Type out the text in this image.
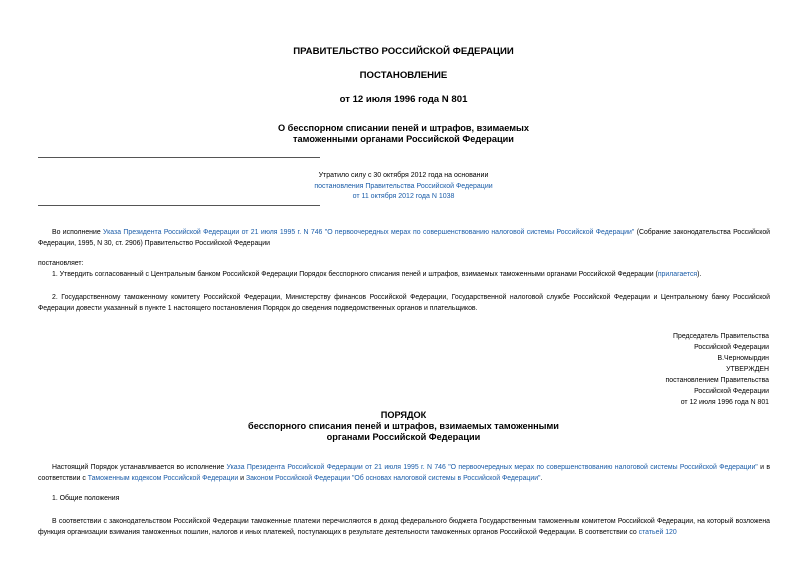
ПРАВИТЕЛЬСТВО РОССИЙСКОЙ ФЕДЕРАЦИИ
ПОСТАНОВЛЕНИЕ
от 12 июля 1996 года N 801
О бесспорном списании пеней и штрафов, взимаемых
таможенными органами Российской Федерации
Утратило силу с 30 октября 2012 года на основании
постановления Правительства Российской Федерации
от 11 октября 2012 года N 1038

Во исполнение Указа Президента Российской Федерации от 21 июля 1995 г. N 746 "О первоочередных мерах по совершенствованию налоговой системы Российской Федерации" (Собрание законодательства Российской Федерации, 1995, N 30, ст. 2906) Правительство Российской Федерации

постановляет:

1. Утвердить согласованный с Центральным банком Российской Федерации Порядок бесспорного списания пеней и штрафов, взимаемых таможенными органами Российской Федерации (прилагается).

2. Государственному таможенному комитету Российской Федерации, Министерству финансов Российской Федерации, Государственной налоговой службе Российской Федерации и Центральному банку Российской Федерации довести указанный в пункте 1 настоящего постановления Порядок до сведения подведомственных органов и плательщиков.

Председатель Правительства
Российской Федерации
В.Черномырдин
УТВЕРЖДЕН
постановлением Правительства
Российской Федерации
от 12 июля 1996 года N 801
ПОРЯДОК
бесспорного списания пеней и штрафов, взимаемых таможенными
органами Российской Федерации

Настоящий Порядок устанавливается во исполнение Указа Президента Российской Федерации от 21 июля 1995 г. N 746 "О первоочередных мерах по совершенствованию налоговой системы Российской Федерации" и в соответствии с Таможенным кодексом Российской Федерации и Законом Российской Федерации "Об основах налоговой системы в Российской Федерации".

1. Общие положения

В соответствии с законодательством Российской Федерации таможенные платежи перечисляются в доход федерального бюджета Государственным таможенным комитетом Российской Федерации, на который возложена функция организации взимания таможенных пошлин, налогов и иных платежей, поступающих в результате деятельности таможенных органов Российской Федерации. В соответствии со статьей 120
